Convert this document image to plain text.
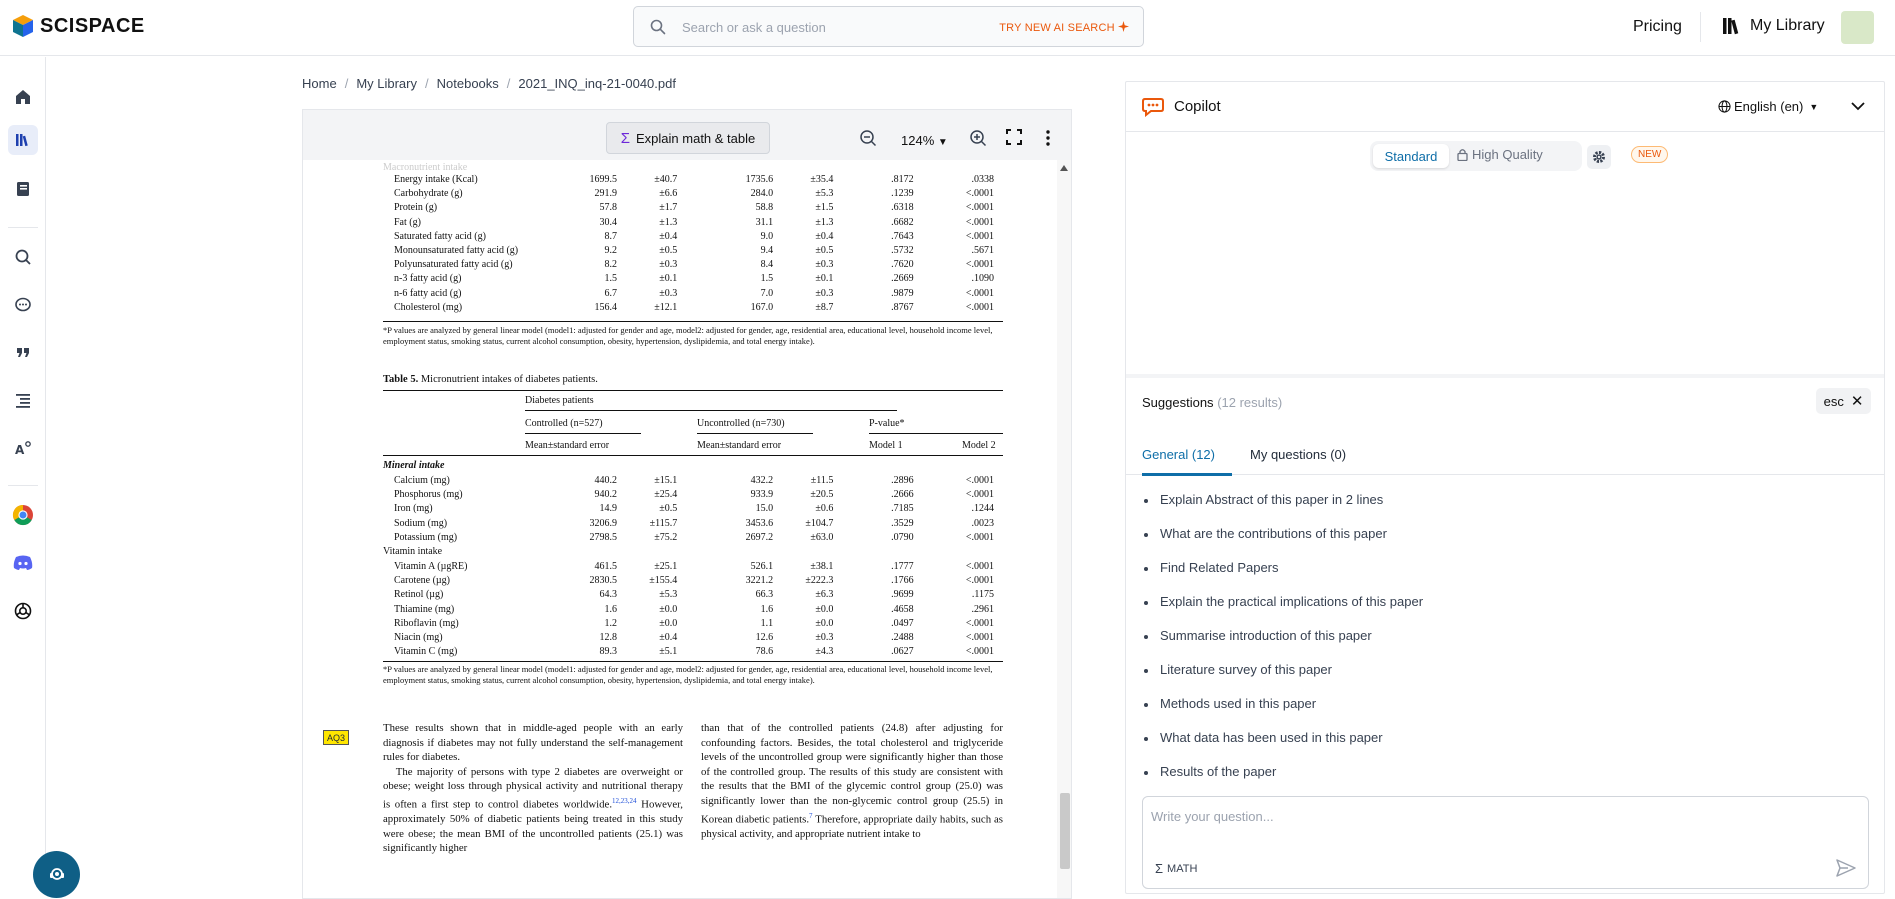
SCISPACE
Search or ask a question	TRY NEW AI SEARCH	Pricing	My Library
A
Home / My Library / Notebooks / 2021_INQ_inq-21-0040.pdf
Σ Explain math & table	124% ▼
Macronutrient intake
Energy intake (Kcal)	1699.5	±40.7	1735.6	±35.4	.8172	.0338
Carbohydrate (g)	291.9	±6.6	284.0	±5.3	.1239	<.0001
Protein (g)	57.8	±1.7	58.8	±1.5	.6318	<.0001
Fat (g)	30.4	±1.3	31.1	±1.3	.6682	<.0001
Saturated fatty acid (g)	8.7	±0.4	9.0	±0.4	.7643	<.0001
Monounsaturated fatty acid (g)	9.2	±0.5	9.4	±0.5	.5732	.5671
Polyunsaturated fatty acid (g)	8.2	±0.3	8.4	±0.3	.7620	<.0001
n-3 fatty acid (g)	1.5	±0.1	1.5	±0.1	.2669	.1090
n-6 fatty acid (g)	6.7	±0.3	7.0	±0.3	.9879	<.0001
Cholesterol (mg)	156.4	±12.1	167.0	±8.7	.8767	<.0001
*P values are analyzed by general linear model (model1: adjusted for gender and age, model2: adjusted for gender, age, residential area, educational level, household income level, employment status, smoking status, current alcohol consumption, obesity, hypertension, dyslipidemia, and total energy intake).
Table 5. Micronutrient intakes of diabetes patients.
Diabetes patients
Controlled (n=527)	Uncontrolled (n=730)	P-value*
Mean±standard error	Mean±standard error	Model 1	Model 2
Mineral intake
Calcium (mg)	440.2	±15.1	432.2	±11.5	.2896	<.0001
Phosphorus (mg)	940.2	±25.4	933.9	±20.5	.2666	<.0001
Iron (mg)	14.9	±0.5	15.0	±0.6	.7185	.1244
Sodium (mg)	3206.9	±115.7	3453.6	±104.7	.3529	.0023
Potassium (mg)	2798.5	±75.2	2697.2	±63.0	.0790	<.0001
Vitamin intake
Vitamin A (µgRE)	461.5	±25.1	526.1	±38.1	.1777	<.0001
Carotene (µg)	2830.5	±155.4	3221.2	±222.3	.1766	<.0001
Retinol (µg)	64.3	±5.3	66.3	±6.3	.9699	.1175
Thiamine (mg)	1.6	±0.0	1.6	±0.0	.4658	.2961
Riboflavin (mg)	1.2	±0.0	1.1	±0.0	.0497	<.0001
Niacin (mg)	12.8	±0.4	12.6	±0.3	.2488	<.0001
Vitamin C (mg)	89.3	±5.1	78.6	±4.3	.0627	<.0001
*P values are analyzed by general linear model (model1: adjusted for gender and age, model2: adjusted for gender, age, residential area, educational level, household income level, employment status, smoking status, current alcohol consumption, obesity, hypertension, dyslipidemia, and total energy intake).
These results shown that in middle-aged people with an early diagnosis if diabetes may not fully understand the self-management rules for diabetes.
The majority of persons with type 2 diabetes are overweight or obese; weight loss through physical activity and nutritional therapy is often a first step to control diabetes worldwide.$^{12,23,24}$ However, approximately 50% of diabetic patients being treated in this study were obese; the mean BMI of the uncontrolled patients (25.1) was significantly higher
than that of the controlled patients (24.8) after adjusting for confounding factors. Besides, the total cholesterol and triglyceride levels of the uncontrolled group were significantly higher than those of the controlled group. The results of this study are consistent with the results that the BMI of the glycemic control group (25.0) was significantly lower than the non-glycemic control group (25.5) in Korean diabetic patients.$^7$ Therefore, appropriate daily habits, such as physical activity, and appropriate nutrient intake to
AQ3
Copilot	English (en) ▼
Standard	High Quality	NEW
Suggestions (12 results)	esc ✕
General (12)	My questions (0)
Explain Abstract of this paper in 2 lines
What are the contributions of this paper
Find Related Papers
Explain the practical implications of this paper
Summarise introduction of this paper
Literature survey of this paper
Methods used in this paper
What data has been used in this paper
Results of the paper
Write your question...
Σ MATH
